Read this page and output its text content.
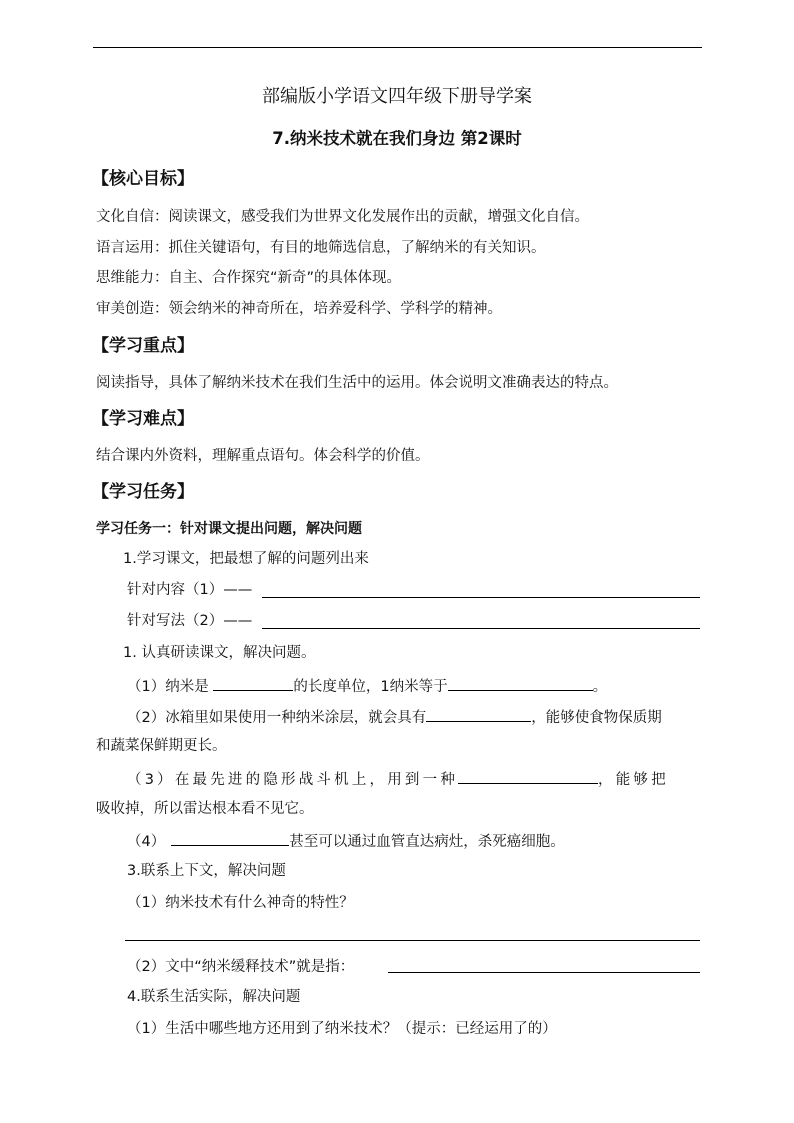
部编版小学语文四年级下册导学案
7.纳米技术就在我们身边 第2课时
【核心目标】
文化自信：阅读课文，感受我们为世界文化发展作出的贡献，增强文化自信。
语言运用：抓住关键语句，有目的地筛选信息，了解纳米的有关知识。
思维能力：自主、合作探究“新奇”的具体体现。
审美创造：领会纳米的神奇所在，培养爱科学、学科学的精神。
【学习重点】
阅读指导，具体了解纳米技术在我们生活中的运用。体会说明文准确表达的特点。
【学习难点】
结合课内外资料，理解重点语句。体会科学的价值。
【学习任务】
学习任务一：针对课文提出问题，解决问题
1.学习课文，把最想了解的问题列出来
针对内容（1）——
针对写法（2）——
1. 认真研读课文，解决问题。
（1）纳米是	的长度单位，1纳米等于	。
（2）冰箱里如果使用一种纳米涂层，就会具有	，能够使食物保质期
和蔬菜保鲜期更长。
（3）在最先进的隐形战斗机上，用到一种	，能够把
吸收掉，所以雷达根本看不见它。
（4）	甚至可以通过血管直达病灶，杀死癌细胞。
3.联系上下文，解决问题
（1）纳米技术有什么神奇的特性？
（2）文中“纳米缓释技术”就是指：
4.联系生活实际，解决问题
（1）生活中哪些地方还用到了纳米技术？（提示：已经运用了的）
